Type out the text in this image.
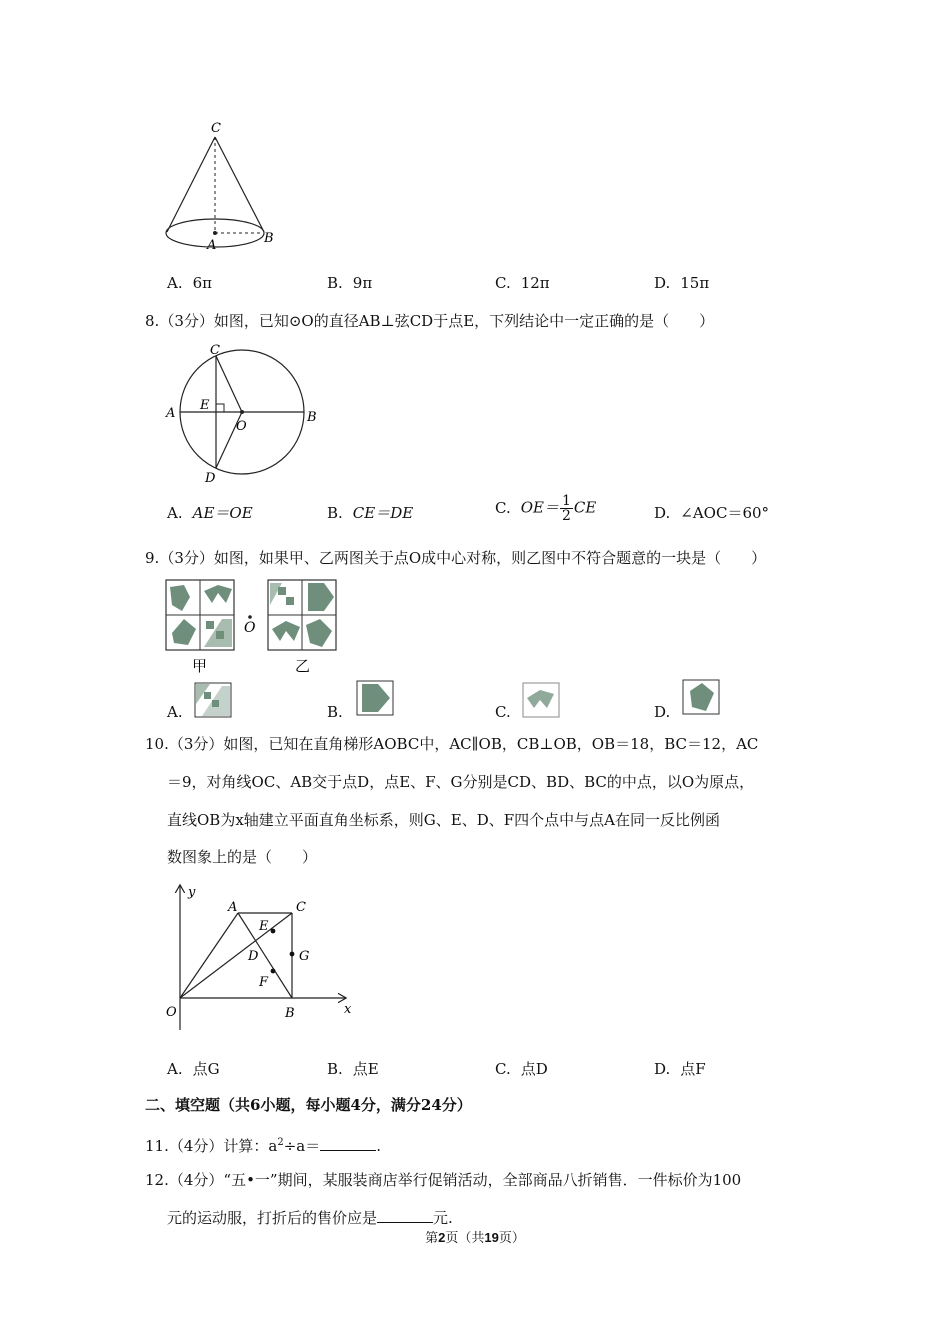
C
A	B
A. 6π	B. 9π	C. 12π	D. 15π
8.（3分）如图，已知⊙O的直径AB⊥弦CD于点E，下列结论中一定正确的是（　　）
C
A
E
O
B
D
A. AE＝OE	B. CE＝DE	C. $OE= \frac{1}{2}$ CE	D. ∠AOC＝60°
9.（3分）如图，如果甲、乙两图关于点O成中心对称，则乙图中不符合题意的一块是（　　）
O
甲	乙
A.	B.	C.	D.
10.（3分）如图，已知在直角梯形AOBC中，AC∥OB，CB⊥OB，OB＝18，BC＝12，AC
＝9，对角线OC、AB交于点D，点E、F、G分别是CD、BD、BC的中点，以O为原点，
直线OB为x轴建立平面直角坐标系，则G、E、D、F四个点中与点A在同一反比例函
数图象上的是（　　）
y
A
E
C
G
D
F
O	B	x
A. 点G	B. 点E	C. 点D	D. 点F
二、填空题（共6小题，每小题4分，满分24分）
11.（4分）计算：$a^2\div a=$	.
12.（4分）“五•一”期间，某服装商店举行促销活动，全部商品八折销售．一件标价为100
元的运动服，打折后的售价应是	元.
第2页（共19页）
